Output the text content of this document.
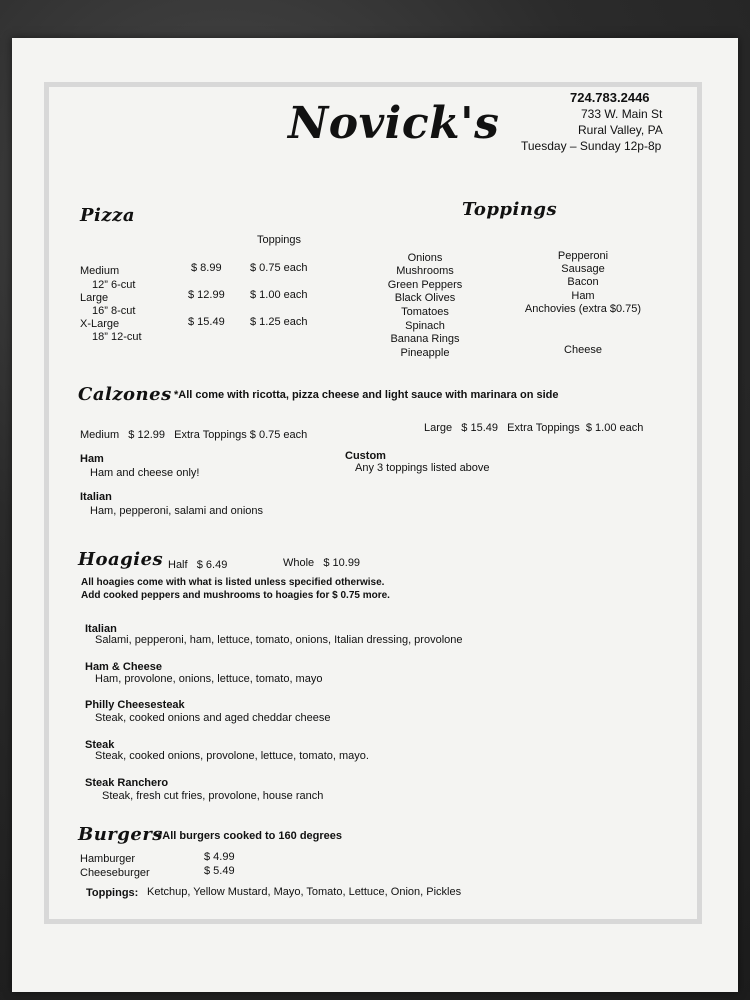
Novick's
724.783.2446
733 W. Main St
Rural Valley, PA
Tuesday – Sunday 12p-8p
Pizza
Toppings
Medium
12” 6-cut
$ 8.99	$ 0.75 each
Large
16” 8-cut
$ 12.99 $ 1.00 each
X-Large
18” 12-cut
$ 15.49 $ 1.25 each
Toppings
Onions
Mushrooms
Green Peppers
Black Olives
Tomatoes
Spinach
Banana Rings
Pineapple
Pepperoni
Sausage
Bacon
Ham
Anchovies (extra $0.75)
Cheese
Calzones *All come with ricotta, pizza cheese and light sauce with marinara on side
Medium   $ 12.99   Extra Toppings $ 0.75 each
Large   $ 15.49   Extra Toppings  $ 1.00 each
Ham
Ham and cheese only!
Custom
Any 3 toppings listed above
Italian
Ham, pepperoni, salami and onions
Hoagies Half   $ 6.49	Whole   $ 10.99
All hoagies come with what is listed unless specified otherwise.
Add cooked peppers and mushrooms to hoagies for $ 0.75 more.
Italian
Salami, pepperoni, ham, lettuce, tomato, onions, Italian dressing, provolone
Ham & Cheese
Ham, provolone, onions, lettuce, tomato, mayo
Philly Cheesesteak
Steak, cooked onions and aged cheddar cheese
Steak
Steak, cooked onions, provolone, lettuce, tomato, mayo.
Steak Ranchero
Steak, fresh cut fries, provolone, house ranch
Burgers
*All burgers cooked to 160 degrees
Hamburger	$ 4.99
Cheeseburger	$ 5.49
Toppings: Ketchup, Yellow Mustard, Mayo, Tomato, Lettuce, Onion, Pickles
